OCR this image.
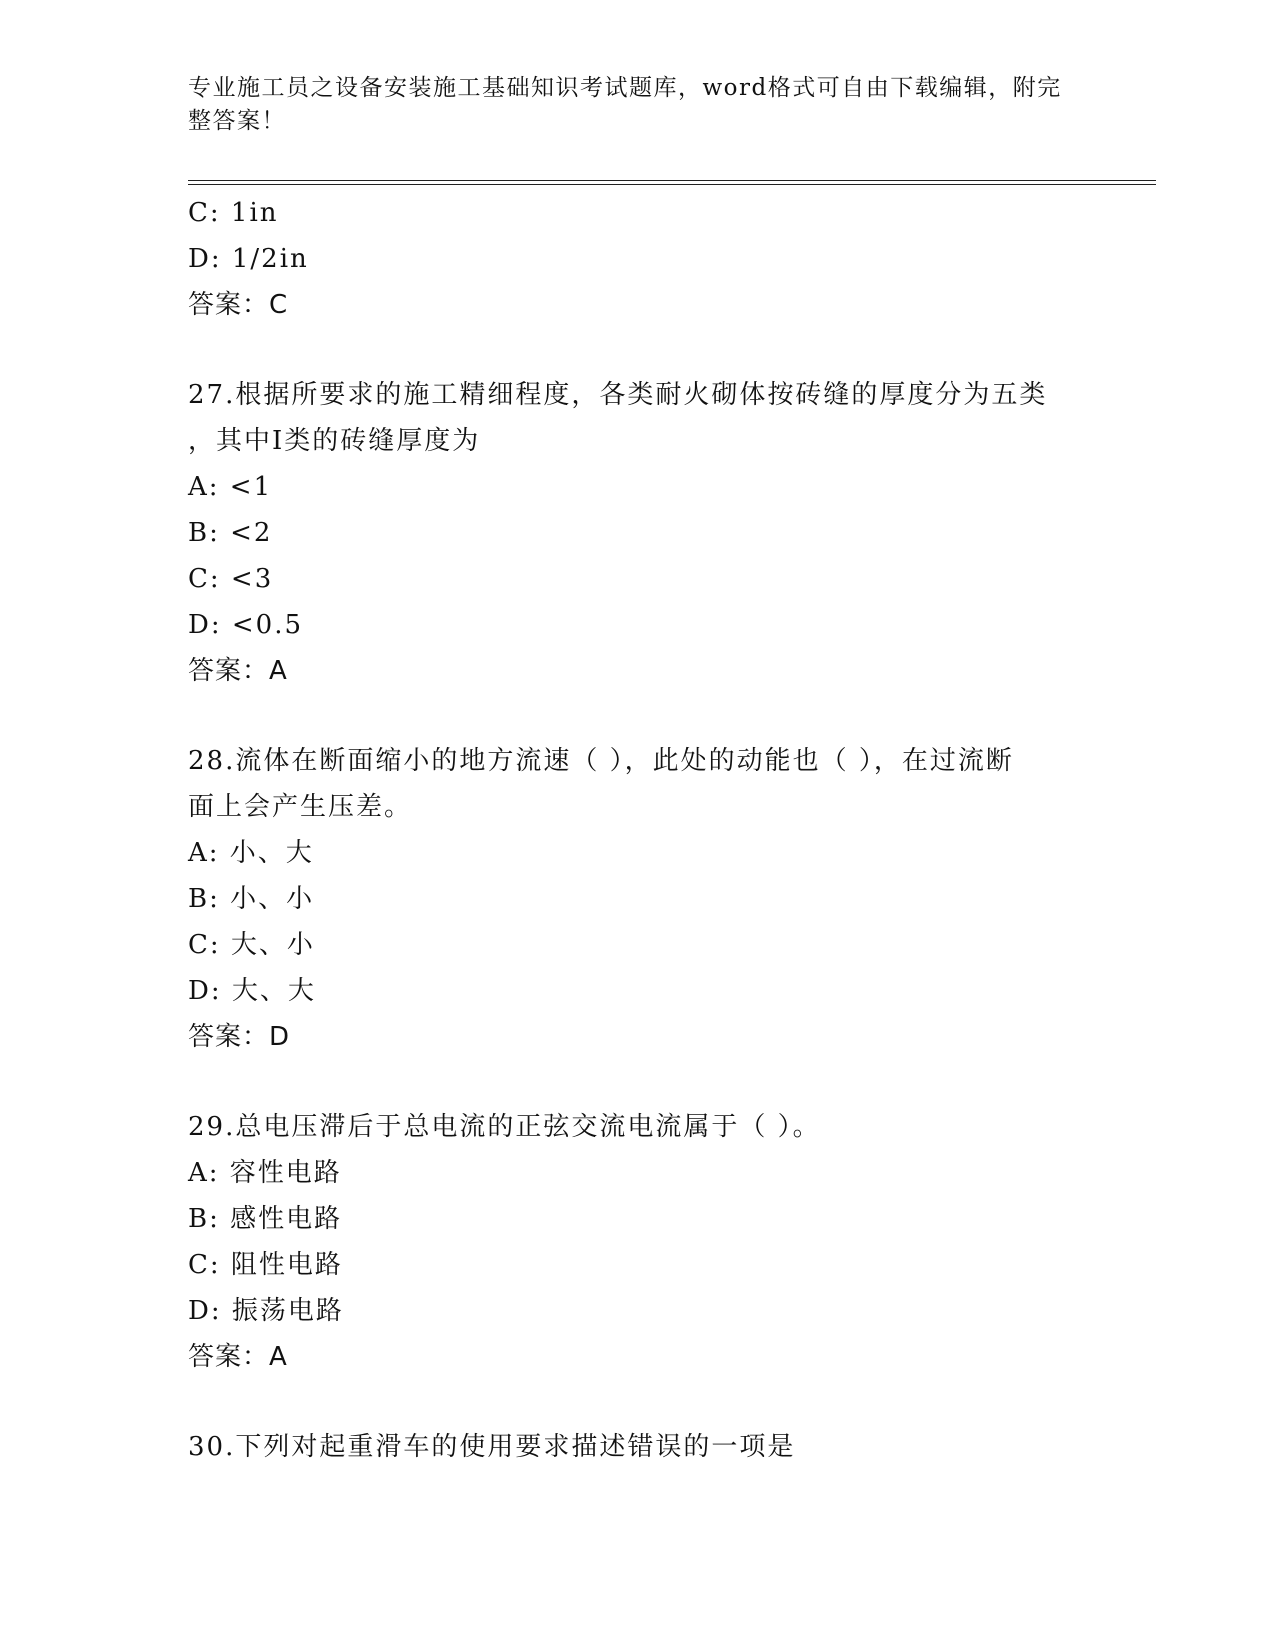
专业施工员之设备安装施工基础知识考试题库，word格式可自由下载编辑，附完
整答案！
C: 1in
D: 1/2in
答案：C
27.根据所要求的施工精细程度，各类耐火砌体按砖缝的厚度分为五类
，其中Ⅰ类的砖缝厚度为
A: <1
B: <2
C: <3
D: <0.5
答案：A
28.流体在断面缩小的地方流速（ ），此处的动能也（ ），在过流断
面上会产生压差。
A: 小、大
B: 小、小
C: 大、小
D: 大、大
答案：D
29.总电压滞后于总电流的正弦交流电流属于（ ）。
A: 容性电路
B: 感性电路
C: 阻性电路
D: 振荡电路
答案：A
30.下列对起重滑车的使用要求描述错误的一项是
